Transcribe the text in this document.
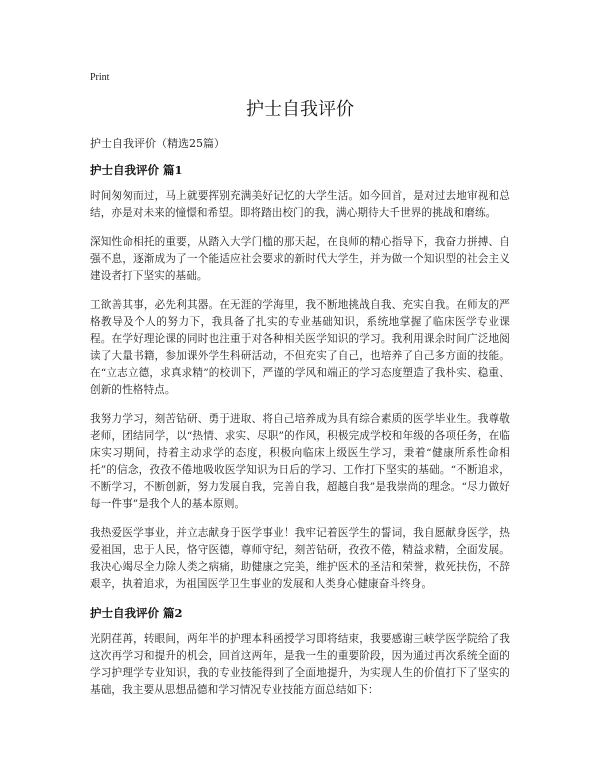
Print
护士自我评价
护士自我评价（精选25篇）
护士自我评价 篇1

时间匆匆而过，马上就要挥别充满美好记忆的大学生活。如今回首，是对过去地审视和总结，亦是对未来的憧憬和希望。即将踏出校门的我，满心期待大千世界的挑战和磨练。

深知性命相托的重要，从踏入大学门槛的那天起，在良师的精心指导下，我奋力拼搏、自强不息，逐渐成为了一个能适应社会要求的新时代大学生，并为做一个知识型的社会主义建设者打下坚实的基础。

工欲善其事，必先利其器。在无涯的学海里，我不断地挑战自我、充实自我。在师友的严格教导及个人的努力下，我具备了扎实的专业基础知识，系统地掌握了临床医学专业课程。在学好理论课的同时也注重于对各种相关医学知识的学习。我利用课余时间广泛地阅读了大量书籍，参加课外学生科研活动，不但充实了自己，也培养了自己多方面的技能。在“立志立德，求真求精”的校训下，严谨的学风和端正的学习态度塑造了我朴实、稳重、创新的性格特点。

我努力学习，刻苦钻研、勇于进取、将自己培养成为具有综合素质的医学毕业生。我尊敬老师，团结同学，以“热情、求实、尽职”的作风，积极完成学校和年级的各项任务，在临床实习期间，持着主动求学的态度，积极向临床上级医生学习，秉着“健康所系性命相托”的信念，孜孜不倦地吸收医学知识为日后的学习、工作打下坚实的基础。“不断追求，不断学习，不断创新，努力发展自我，完善自我，超越自我”是我崇尚的理念。“尽力做好每一件事”是我个人的基本原则。

我热爱医学事业，并立志献身于医学事业！我牢记着医学生的誓词，我自愿献身医学，热爱祖国，忠于人民，恪守医德，尊师守纪，刻苦钻研，孜孜不倦，精益求精，全面发展。我决心竭尽全力除人类之病痛，助健康之完美，维护医术的圣洁和荣誉，救死扶伤，不辞艰辛，执着追求，为祖国医学卫生事业的发展和人类身心健康奋斗终身。

护士自我评价 篇2

光阴荏苒，转眼间，两年半的护理本科函授学习即将结束，我要感谢三峡学医学院给了我这次再学习和提升的机会，回首这两年，是我一生的重要阶段，因为通过再次系统全面的学习护理学专业知识，我的专业技能得到了全面地提升，为实现人生的价值打下了坚实的基础，我主要从思想品德和学习情况专业技能方面总结如下：
